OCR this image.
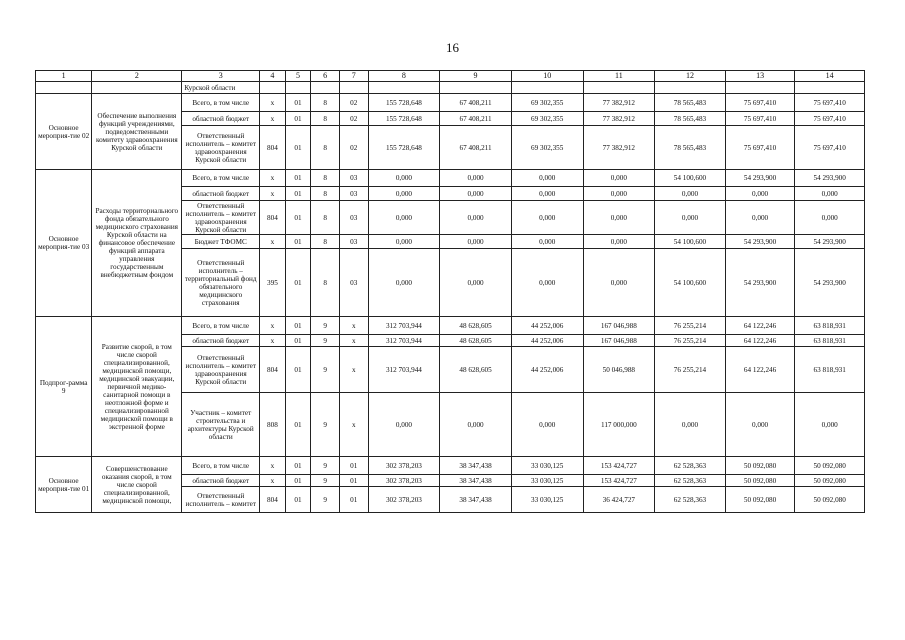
16
1	2	3	4	5	6	7	8	9	10	11	12	13	14
		Курской области											
Основное мероприя-тие 02	Обеспечение выполнения функций учреждениями, подведомственными комитету здравоохранения Курской области	Всего, в том числе	х	01	8	02	155 728,648	67 408,211	69 302,355	77 382,912	78 565,483	75 697,410	75 697,410
		областной бюджет	х	01	8	02	155 728,648	67 408,211	69 302,355	77 382,912	78 565,483	75 697,410	75 697,410
		Ответственный исполнитель – комитет здравоохранения Курской области	804	01	8	02	155 728,648	67 408,211	69 302,355	77 382,912	78 565,483	75 697,410	75 697,410
Основное мероприя-тие 03	Расходы территориального фонда обязательного медицинского страхования Курской области на финансовое обеспечение функций аппарата управления государственным внебюджетным фондом	Всего, в том числе	х	01	8	03	0,000	0,000	0,000	0,000	54 100,600	54 293,900	54 293,900
		областной бюджет	х	01	8	03	0,000	0,000	0,000	0,000	0,000	0,000	0,000
		Ответственный исполнитель – комитет здравоохранения Курской области	804	01	8	03	0,000	0,000	0,000	0,000	0,000	0,000	0,000
		Бюджет ТФОМС	х	01	8	03	0,000	0,000	0,000	0,000	54 100,600	54 293,900	54 293,900
		Ответственный исполнитель – территориальный фонд обязательного медицинского страхования	395	01	8	03	0,000	0,000	0,000	0,000	54 100,600	54 293,900	54 293,900
Подпрог-рамма 9	Развитие скорой, в том числе скорой специализированной, медицинской помощи, медицинской эвакуации, первичной медико-санитарной помощи в неотложной форме и специализированной медицинской помощи в экстренной форме	Всего, в том числе	х	01	9	х	312 703,944	48 628,605	44 252,006	167 046,988	76 255,214	64 122,246	63 818,931
		областной бюджет	х	01	9	х	312 703,944	48 628,605	44 252,006	167 046,988	76 255,214	64 122,246	63 818,931
		Ответственный исполнитель – комитет здравоохранения Курской области	804	01	9	х	312 703,944	48 628,605	44 252,006	50 046,988	76 255,214	64 122,246	63 818,931
		Участник – комитет строительства и архитектуры Курской области	808	01	9	х	0,000	0,000	0,000	117 000,000	0,000	0,000	0,000
Основное мероприя-тие 01	Совершенствование оказания скорой, в том числе скорой специализированной, медицинской помощи,	Всего, в том числе	х	01	9	01	302 378,203	38 347,438	33 030,125	153 424,727	62 528,363	50 092,080	50 092,080
		областной бюджет	х	01	9	01	302 378,203	38 347,438	33 030,125	153 424,727	62 528,363	50 092,080	50 092,080
		Ответственный исполнитель – комитет	804	01	9	01	302 378,203	38 347,438	33 030,125	36 424,727	62 528,363	50 092,080	50 092,080
